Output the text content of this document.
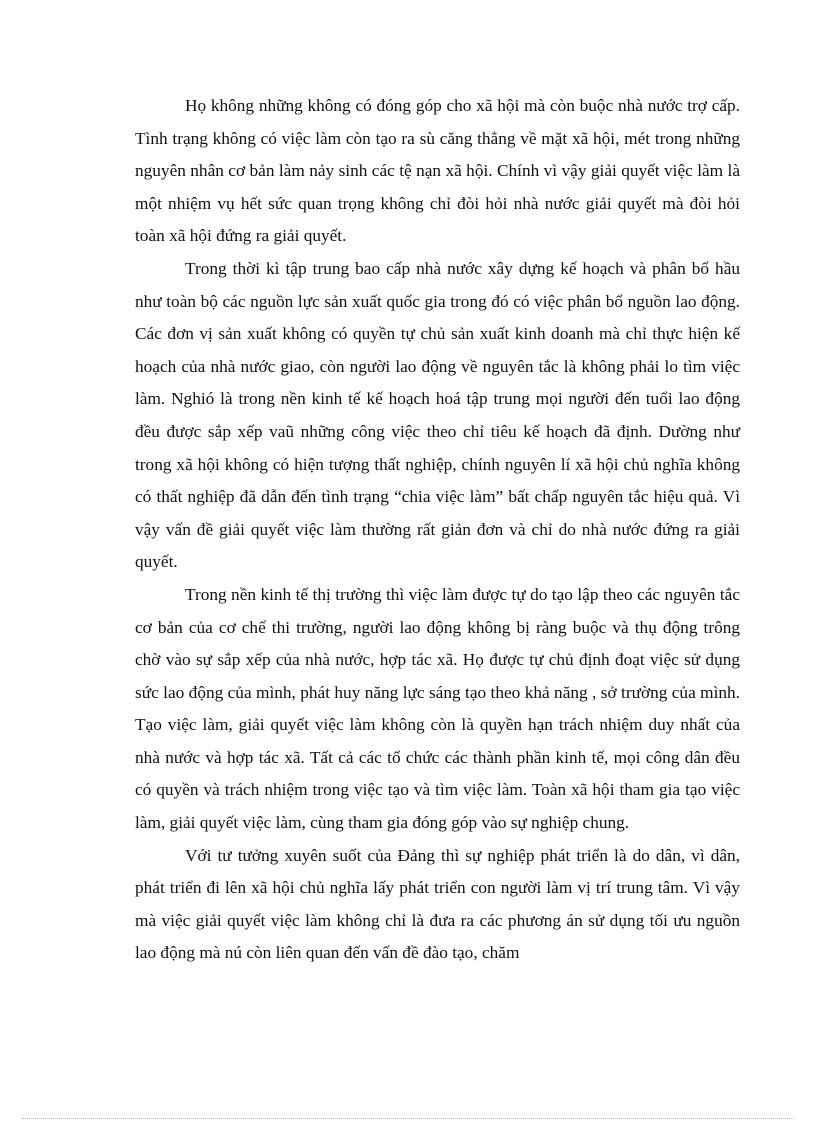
Họ không những không có đóng góp cho xã hội mà còn buộc nhà nước trợ cấp. Tình trạng không có việc làm còn tạo ra sù căng thẳng về mặt xã hội, mét trong những nguyên nhân cơ bản làm nảy sinh các tệ nạn xã hội. Chính vì vậy giải quyết việc làm là một nhiệm vụ hết sức quan trọng không chỉ đòi hỏi nhà nước giải quyết mà đòi hỏi toàn xã hội đứng ra giải quyết.

Trong thời kì tập trung bao cấp nhà nước xây dựng kế hoạch và phân bổ hầu như toàn bộ các nguồn lực sản xuất quốc gia trong đó có việc phân bổ nguồn lao động. Các đơn vị sản xuất không có quyền tự chủ sản xuất kinh doanh mà chỉ thực hiện kế hoạch của nhà nước giao, còn người lao động về nguyên tắc là không phải lo tìm việc làm. Nghió là trong nền kinh tế kế hoạch hoá tập trung mọi người đến tuổi lao động đều được sắp xếp vaũ những công việc theo chỉ tiêu kế hoạch đã định. Dường như trong xã hội không có hiện tượng thất nghiệp, chính nguyên lí xã hội chủ nghĩa không có thất nghiệp đã dẫn đến tình trạng “chia việc làm” bất chấp nguyên tắc hiệu quả. Vì vậy vấn đề giải quyết việc làm thường rất giản đơn và chỉ do nhà nước đứng ra giải quyết.

Trong nền kinh tế thị trường thì việc làm được tự do tạo lập theo các nguyên tắc cơ bản của cơ chế thi trường, người lao động không bị ràng buộc và thụ động trông chờ vào sự sắp xếp của nhà nước, hợp tác xã. Họ được tự chủ định đoạt việc sử dụng sức lao động của mình, phát huy năng lực sáng tạo theo khả năng , sở trường của mình. Tạo việc làm, giải quyết việc làm không còn là quyền hạn trách nhiệm duy nhất của nhà nước và hợp tác xã. Tất cả các tổ chức các thành phần kinh tế, mọi công dân đều có quyền và trách nhiệm trong việc tạo và tìm việc làm. Toàn xã hội tham gia tạo việc làm, giải quyết việc làm, cùng tham gia đóng góp vào sự nghiệp chung.

Với tư tưởng xuyên suốt của Đảng thì sự nghiệp phát triển là do dân, vì dân, phát triển đi lên xã hội chủ nghĩa lấy phát triển con người làm vị trí trung tâm. Vì vậy mà việc giải quyết việc làm không chỉ là đưa ra các phương án sử dụng tối ưu nguồn lao động mà nú còn liên quan đến vấn đề đào tạo, chăm
